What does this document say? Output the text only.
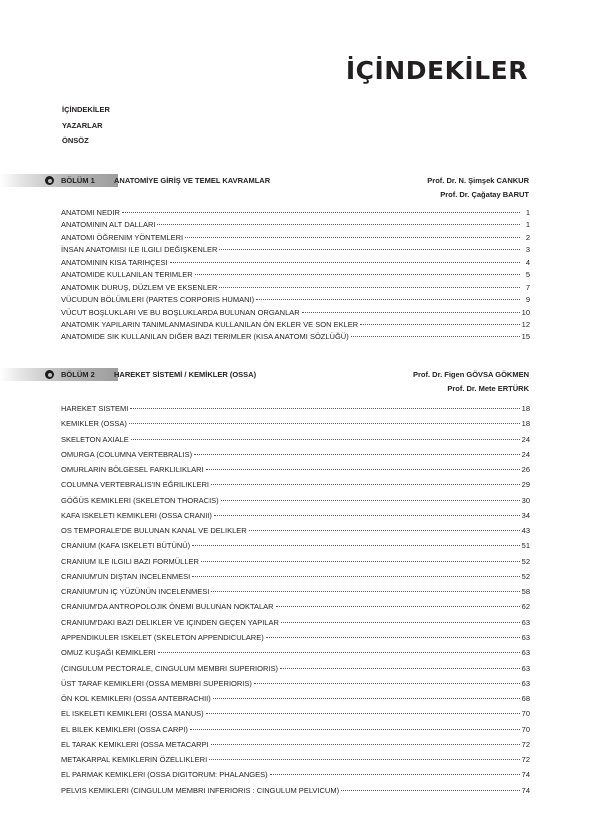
İÇİNDEKİLER
İÇİNDEKİLER
YAZARLAR
ÖNSÖZ
BÖLÜM 1	ANATOMİYE GİRİŞ VE TEMEL KAVRAMLAR	Prof. Dr. N. Şimşek CANKUR
Prof. Dr. Çağatay BARUT
ANATOMI NEDIR	1
ANATOMININ ALT DALLARI	1
ANATOMI ÖĞRENIM YÖNTEMLERI	2
İNSAN ANATOMISI ILE ILGILI DEĞIŞKENLER	3
ANATOMININ KISA TARIHÇESI	4
ANATOMIDE KULLANILAN TERIMLER	5
ANATOMIK DURUŞ, DÜZLEM VE EKSENLER	7
VÜCUDUN BÖLÜMLERI (PARTES CORPORIS HUMANI)	9
VÜCUT BOŞLUKLARI VE BU BOŞLUKLARDA BULUNAN ORGANLAR	10
ANATOMIK YAPILARIN TANIMLANMASINDA KULLANILAN ÖN EKLER VE SON EKLER	12
ANATOMIDE SIK KULLANILAN DIĞER BAZI TERIMLER (KISA ANATOMI SÖZLÜĞÜ)	15
BÖLÜM 2	HAREKET SİSTEMİ / KEMİKLER (OSSA)	Prof. Dr. Figen GÖVSA GÖKMEN
Prof. Dr. Mete ERTÜRK
HAREKET SISTEMI	18
KEMIKLER (OSSA)	18
SKELETON AXIALE	24
OMURGA (COLUMNA VERTEBRALIS)	24
OMURLARIN BÖLGESEL FARKLILIKLARI	26
COLUMNA VERTEBRALIS'IN EĞRILIKLERI	29
GÖĞÜS KEMIKLERI (SKELETON THORACIS)	30
KAFA ISKELETI KEMIKLERI (OSSA CRANII)	34
OS TEMPORALE'DE BULUNAN KANAL VE DELIKLER	43
CRANIUM (KAFA ISKELETI BÜTÜNÜ)	51
CRANIUM ILE ILGILI BAZI FORMÜLLER	52
CRANIUM'UN DIŞTAN INCELENMESI	52
CRANIUM'UN IÇ YÜZÜNÜN INCELENMESI	58
CRANIUM'DA ANTROPOLOJIK ÖNEMI BULUNAN NOKTALAR	62
CRANIUM'DAKI BAZI DELIKLER VE IÇINDEN GEÇEN YAPILAR	63
APPENDIKULER ISKELET (SKELETON APPENDICULARE)	63
OMUZ KUŞAĞI KEMIKLERI	63
(CINGULUM PECTORALE, CINGULUM MEMBRI SUPERIORIS)	63
ÜST TARAF KEMIKLERI (OSSA MEMBRI SUPERIORIS)	63
ÖN KOL KEMIKLERI (OSSA ANTEBRACHII)	68
EL ISKELETI KEMIKLERI (OSSA MANUS)	70
EL BILEK KEMIKLERI (OSSA CARPI)	70
EL TARAK KEMIKLERI (OSSA METACARPI	72
METAKARPAL KEMIKLERIN ÖZELLIKLERI	72
EL PARMAK KEMIKLERI (OSSA DIGITORUM: PHALANGES)	74
PELVIS KEMIKLERI (CINGULUM MEMBRI INFERIORIS : CINGULUM PELVICUM)	74
